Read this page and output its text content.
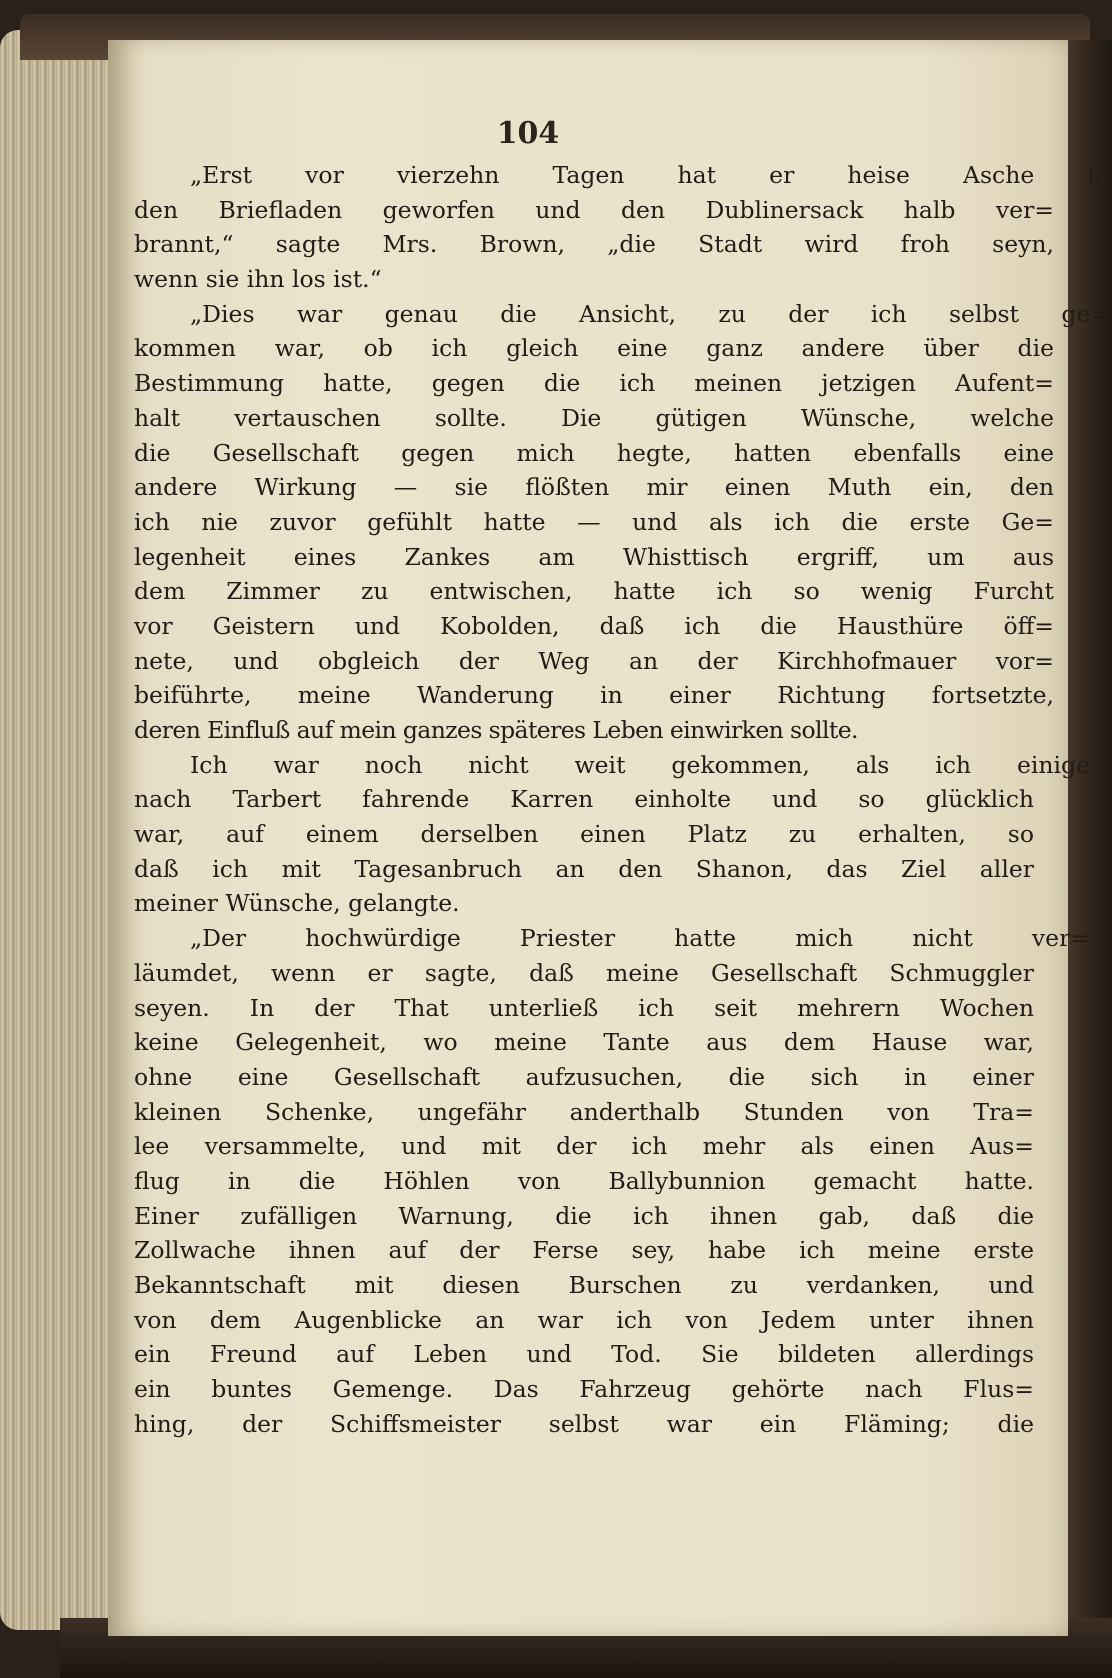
104

„Erst vor vierzehn Tagen hat er heise Asche in
den Briefladen geworfen und den Dublinersack halb ver=
brannt,“ sagte Mrs. Brown, „die Stadt wird froh seyn,
wenn sie ihn los ist.“

„Dies war genau die Ansicht, zu der ich selbst ge=
kommen war, ob ich gleich eine ganz andere über die
Bestimmung hatte, gegen die ich meinen jetzigen Aufent=
halt vertauschen sollte. Die gütigen Wünsche, welche
die Gesellschaft gegen mich hegte, hatten ebenfalls eine
andere Wirkung — sie flößten mir einen Muth ein, den
ich nie zuvor gefühlt hatte — und als ich die erste Ge=
legenheit eines Zankes am Whisttisch ergriff, um aus
dem Zimmer zu entwischen, hatte ich so wenig Furcht
vor Geistern und Kobolden, daß ich die Hausthüre öff=
nete, und obgleich der Weg an der Kirchhofmauer vor=
beiführte, meine Wanderung in einer Richtung fortsetzte,
deren Einfluß auf mein ganzes späteres Leben einwirken sollte.

Ich war noch nicht weit gekommen, als ich einige
nach Tarbert fahrende Karren einholte und so glücklich
war, auf einem derselben einen Platz zu erhalten, so
daß ich mit Tagesanbruch an den Shanon, das Ziel aller
meiner Wünsche, gelangte.

„Der hochwürdige Priester hatte mich nicht ver=
läumdet, wenn er sagte, daß meine Gesellschaft Schmuggler
seyen. In der That unterließ ich seit mehrern Wochen
keine Gelegenheit, wo meine Tante aus dem Hause war,
ohne eine Gesellschaft aufzusuchen, die sich in einer
kleinen Schenke, ungefähr anderthalb Stunden von Tra=
lee versammelte, und mit der ich mehr als einen Aus=
flug in die Höhlen von Ballybunnion gemacht hatte.
Einer zufälligen Warnung, die ich ihnen gab, daß die
Zollwache ihnen auf der Ferse sey, habe ich meine erste
Bekanntschaft mit diesen Burschen zu verdanken, und
von dem Augenblicke an war ich von Jedem unter ihnen
ein Freund auf Leben und Tod. Sie bildeten allerdings
ein buntes Gemenge. Das Fahrzeug gehörte nach Flus=
hing, der Schiffsmeister selbst war ein Fläming; die
